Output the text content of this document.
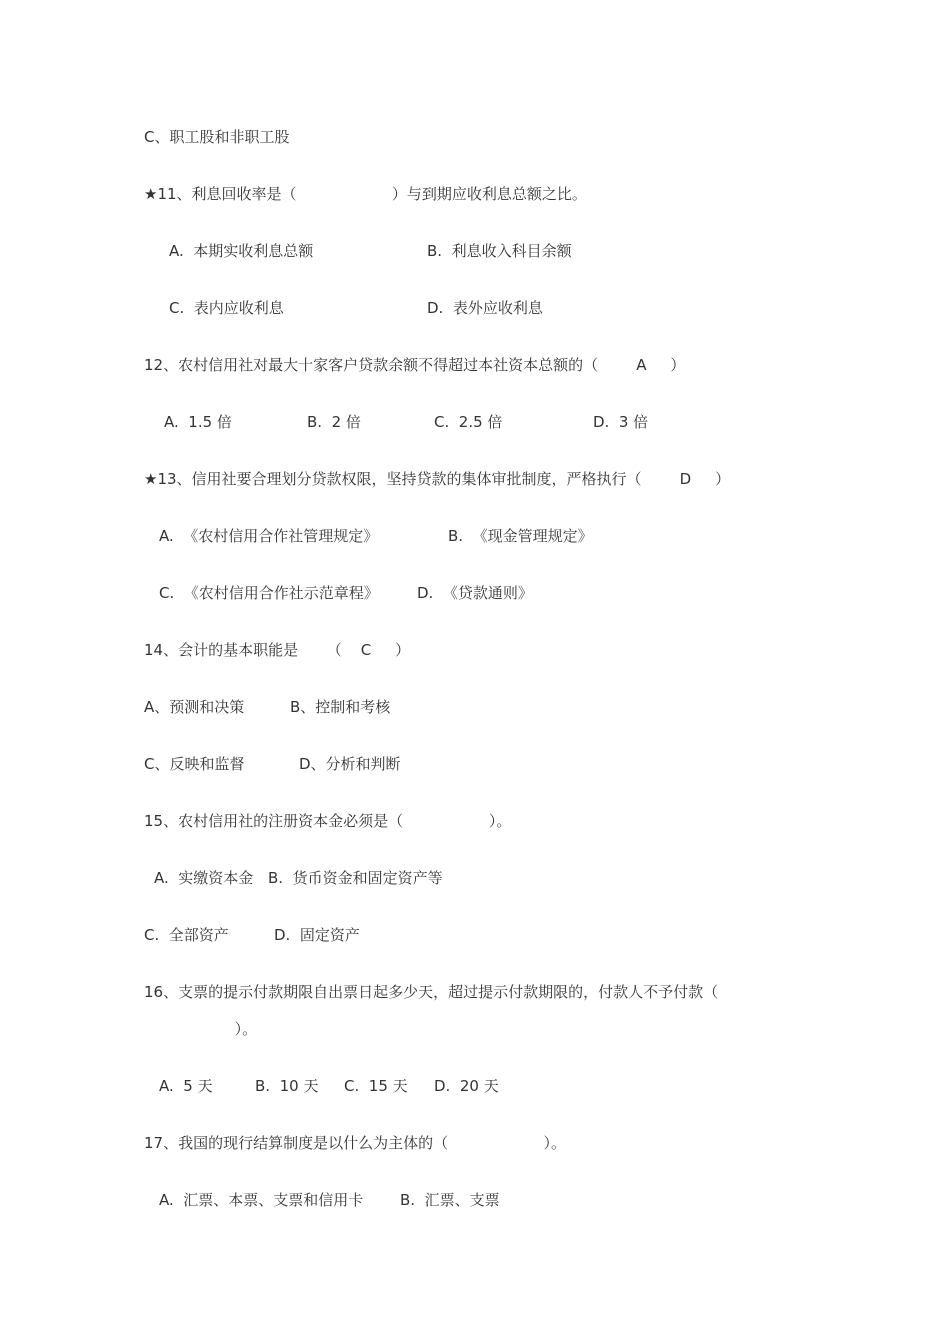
C、职工股和非职工股
★11、利息回收率是（                    ）与到期应收利息总额之比。
A.  本期实收利息总额	B.  利息收入科目余额
C.  表内应收利息	D.  表外应收利息
12、农村信用社对最大十家客户贷款余额不得超过本社资本总额的（        A     ）
A.  1.5 倍	B.  2 倍	C.  2.5 倍	D.  3 倍
★13、信用社要合理划分贷款权限，坚持贷款的集体审批制度，严格执行（        D     ）
A.  《农村信用合作社管理规定》	B.  《现金管理规定》
C.  《农村信用合作社示范章程》	D.  《贷款通则》
14、会计的基本职能是      （    C     ）
A、预测和决策	B、控制和考核
C、反映和监督	D、分析和判断
15、农村信用社的注册资本金必须是（                  ）。
A.  实缴资本金 B.  货币资金和固定资产等
C.  全部资产	D.  固定资产
16、支票的提示付款期限自出票日起多少天，超过提示付款期限的，付款人不予付款（
）。
A.  5 天	B.  10 天 C.  15 天 D.  20 天
17、我国的现行结算制度是以什么为主体的（                    ）。
A.  汇票、本票、支票和信用卡 B.  汇票、支票
